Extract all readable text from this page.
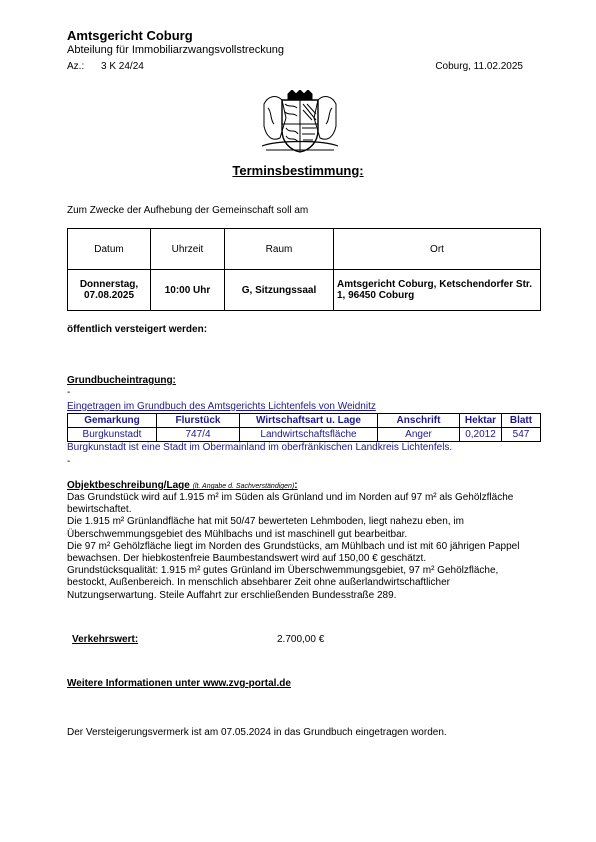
Amtsgericht Coburg
Abteilung für Immobiliarzwangsvollstreckung
Az.: 3 K 24/24	Coburg, 11.02.2025
Terminsbestimmung:
Zum Zwecke der Aufhebung der Gemeinschaft soll am
Datum	Uhrzeit	Raum	Ort

Donnerstag,
07.08.2025	10:00 Uhr	G, Sitzungssaal	Amtsgericht Coburg, Ketschendorfer Str. 1, 96450 Coburg
öffentlich versteigert werden:
Grundbucheintragung:
-
Eingetragen im Grundbuch des Amtsgerichts Lichtenfels von Weidnitz
Gemarkung	Flurstück	Wirtschaftsart u. Lage	Anschrift	Hektar	Blatt
Burgkunstadt	747/4	Landwirtschaftsfläche	Anger	0,2012	547
Burgkunstadt ist eine Stadt im Obermainland im oberfränkischen Landkreis Lichtenfels.
-
Objektbeschreibung/Lage (lt. Angabe d. Sachverständigen):

Das Grundstück wird auf 1.915 m² im Süden als Grünland und im Norden auf 97 m² als Gehölzfläche bewirtschaftet.

Die 1.915 m² Grünlandfläche hat mit 50/47 bewerteten Lehmboden, liegt nahezu eben, im Überschwemmungsgebiet des Mühlbachs und ist maschinell gut bearbeitbar.

Die 97 m² Gehölzfläche liegt im Norden des Grundstücks, am Mühlbach und ist mit 60 jährigen Pappel bewachsen. Der hiebkostenfreie Baumbestandswert wird auf 150,00 € geschätzt.

Grundstücksqualität: 1.915 m² gutes Grünland im Überschwemmungsgebiet, 97 m² Gehölzfläche, bestockt, Außenbereich. In menschlich absehbarer Zeit ohne außerlandwirtschaftlicher Nutzungserwartung. Steile Auffahrt zur erschließenden Bundesstraße 289.

Verkehrswert:	2.700,00 €
Weitere Informationen unter www.zvg-portal.de
Der Versteigerungsvermerk ist am 07.05.2024 in das Grundbuch eingetragen worden.
